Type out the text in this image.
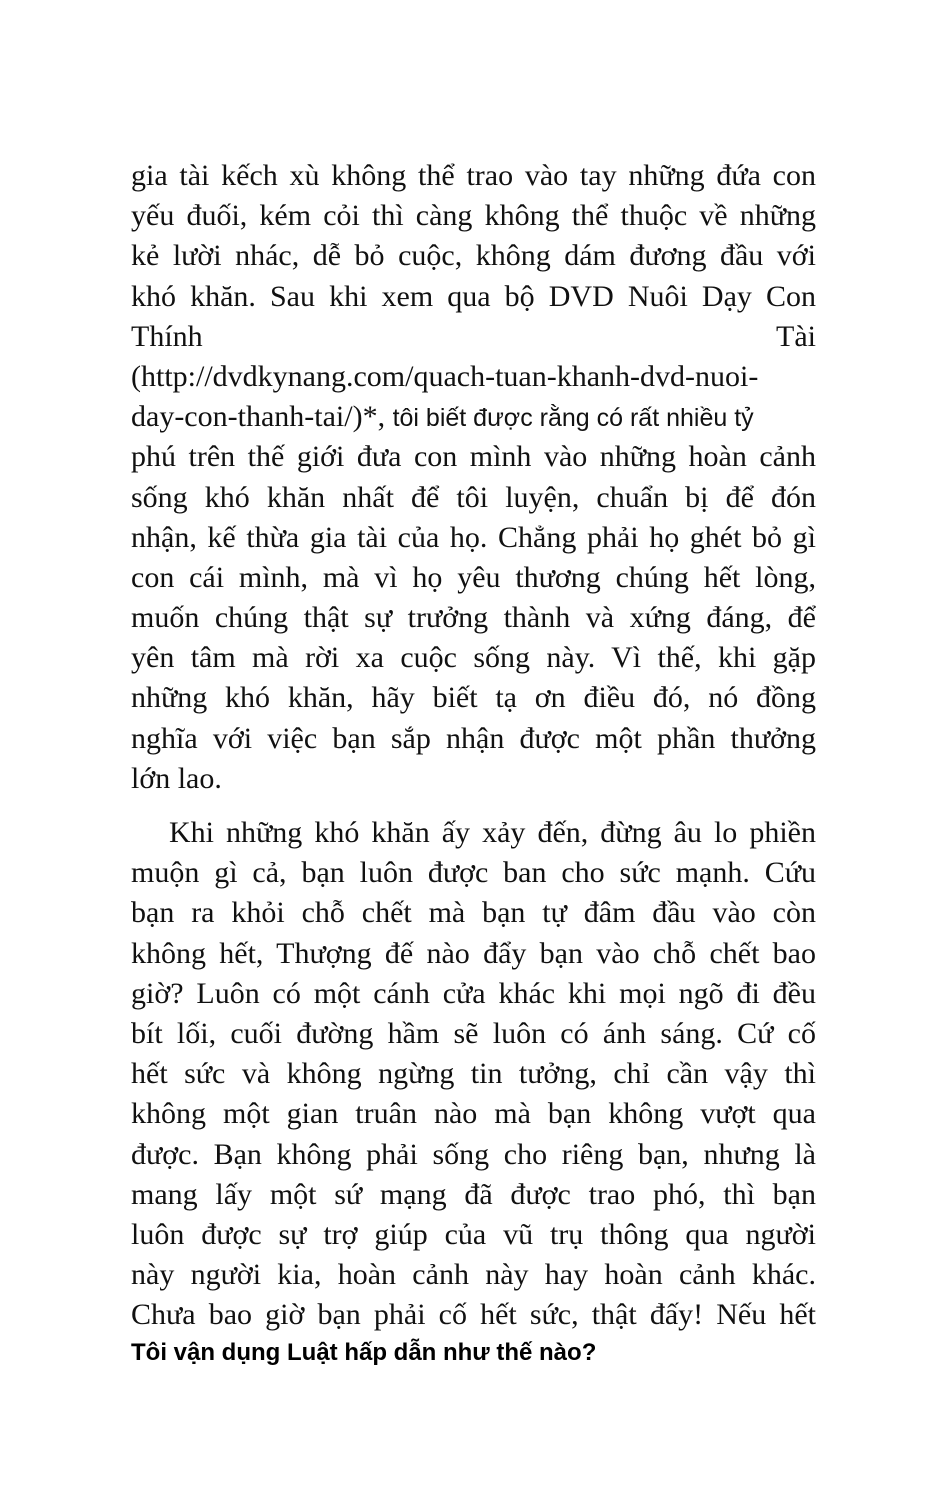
gia tài kếch xù không thể trao vào tay những đứa con
yếu đuối, kém cỏi thì càng không thể thuộc về những
kẻ lười nhác, dễ bỏ cuộc, không dám đương đầu với
khó khăn. Sau khi xem qua bộ DVD Nuôi Dạy Con
Thính	Tài
(http://dvdkynang.com/quach-tuan-khanh-dvd-nuoi-
day-con-thanh-tai/)*, tôi biết được rằng có rất nhiều tỷ
phú trên thế giới đưa con mình vào những hoàn cảnh
sống khó khăn nhất để tôi luyện, chuẩn bị để đón
nhận, kế thừa gia tài của họ. Chẳng phải họ ghét bỏ gì
con cái mình, mà vì họ yêu thương chúng hết lòng,
muốn chúng thật sự trưởng thành và xứng đáng, để
yên tâm mà rời xa cuộc sống này. Vì thế, khi gặp
những khó khăn, hãy biết tạ ơn điều đó, nó đồng
nghĩa với việc bạn sắp nhận được một phần thưởng
lớn lao.
Khi những khó khăn ấy xảy đến, đừng âu lo phiền
muộn gì cả, bạn luôn được ban cho sức mạnh. Cứu
bạn ra khỏi chỗ chết mà bạn tự đâm đầu vào còn
không hết, Thượng đế nào đẩy bạn vào chỗ chết bao
giờ? Luôn có một cánh cửa khác khi mọi ngõ đi đều
bít lối, cuối đường hầm sẽ luôn có ánh sáng. Cứ cố
hết sức và không ngừng tin tưởng, chỉ cần vậy thì
không một gian truân nào mà bạn không vượt qua
được. Bạn không phải sống cho riêng bạn, nhưng là
mang lấy một sứ mạng đã được trao phó, thì bạn
luôn được sự trợ giúp của vũ trụ thông qua người
này người kia, hoàn cảnh này hay hoàn cảnh khác.
Chưa bao giờ bạn phải cố hết sức, thật đấy! Nếu hết

Tôi vận dụng Luật hấp dẫn như thế nào?
